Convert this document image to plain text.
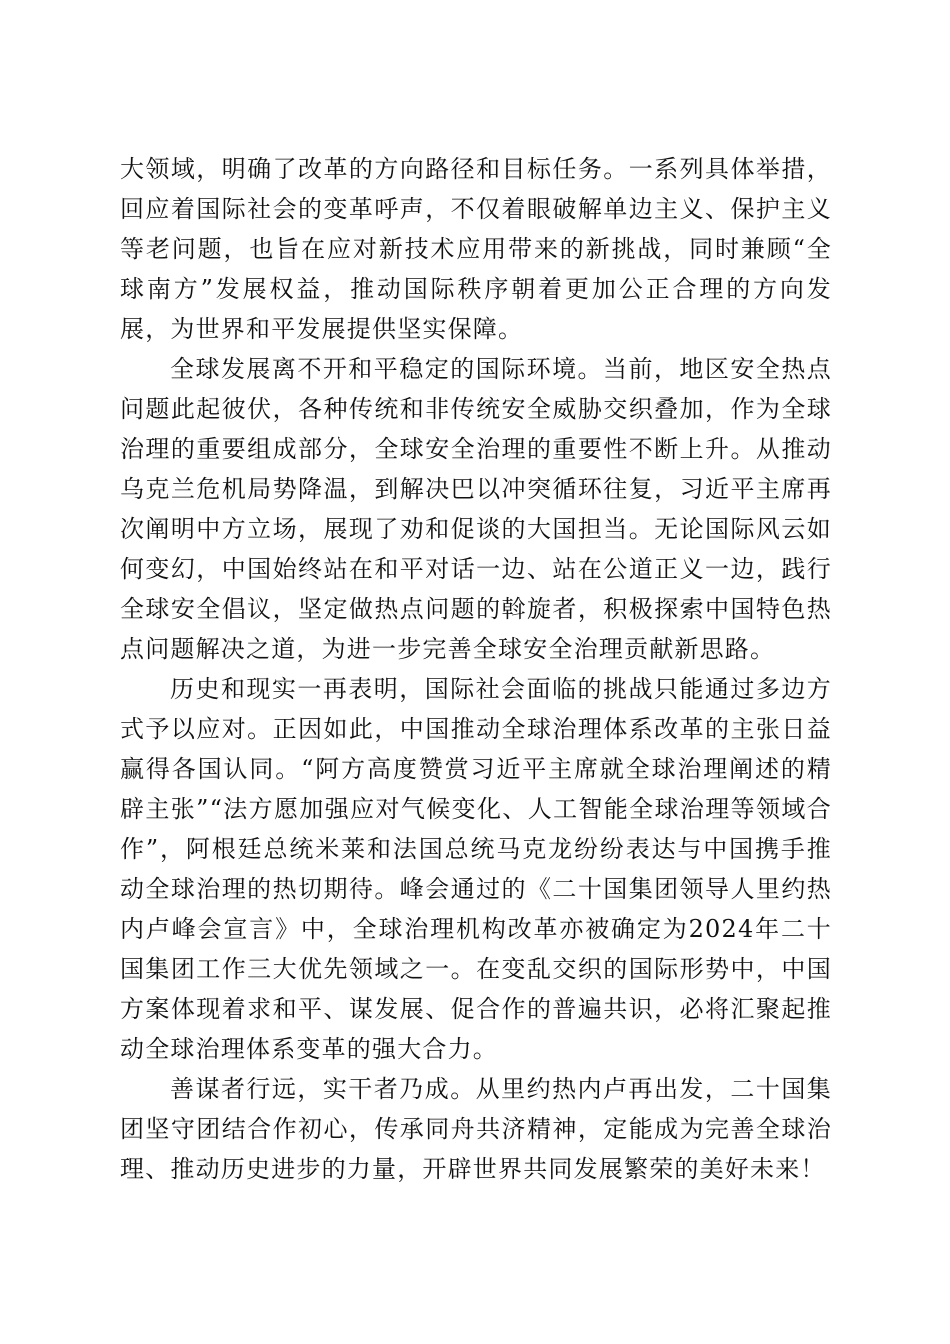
大领域，明确了改革的方向路径和目标任务。一系列具体举措，回应着国际社会的变革呼声，不仅着眼破解单边主义、保护主义等老问题，也旨在应对新技术应用带来的新挑战，同时兼顾“全球南方”发展权益，推动国际秩序朝着更加公正合理的方向发展，为世界和平发展提供坚实保障。

全球发展离不开和平稳定的国际环境。当前，地区安全热点问题此起彼伏，各种传统和非传统安全威胁交织叠加，作为全球治理的重要组成部分，全球安全治理的重要性不断上升。从推动乌克兰危机局势降温，到解决巴以冲突循环往复，习近平主席再次阐明中方立场，展现了劝和促谈的大国担当。无论国际风云如何变幻，中国始终站在和平对话一边、站在公道正义一边，践行全球安全倡议，坚定做热点问题的斡旋者，积极探索中国特色热点问题解决之道，为进一步完善全球安全治理贡献新思路。

历史和现实一再表明，国际社会面临的挑战只能通过多边方式予以应对。正因如此，中国推动全球治理体系改革的主张日益赢得各国认同。“阿方高度赞赏习近平主席就全球治理阐述的精辟主张”“法方愿加强应对气候变化、人工智能全球治理等领域合作”，阿根廷总统米莱和法国总统马克龙纷纷表达与中国携手推动全球治理的热切期待。峰会通过的《二十国集团领导人里约热内卢峰会宣言》中，全球治理机构改革亦被确定为2024年二十国集团工作三大优先领域之一。在变乱交织的国际形势中，中国方案体现着求和平、谋发展、促合作的普遍共识，必将汇聚起推动全球治理体系变革的强大合力。

善谋者行远，实干者乃成。从里约热内卢再出发，二十国集团坚守团结合作初心，传承同舟共济精神，定能成为完善全球治理、推动历史进步的力量，开辟世界共同发展繁荣的美好未来！
